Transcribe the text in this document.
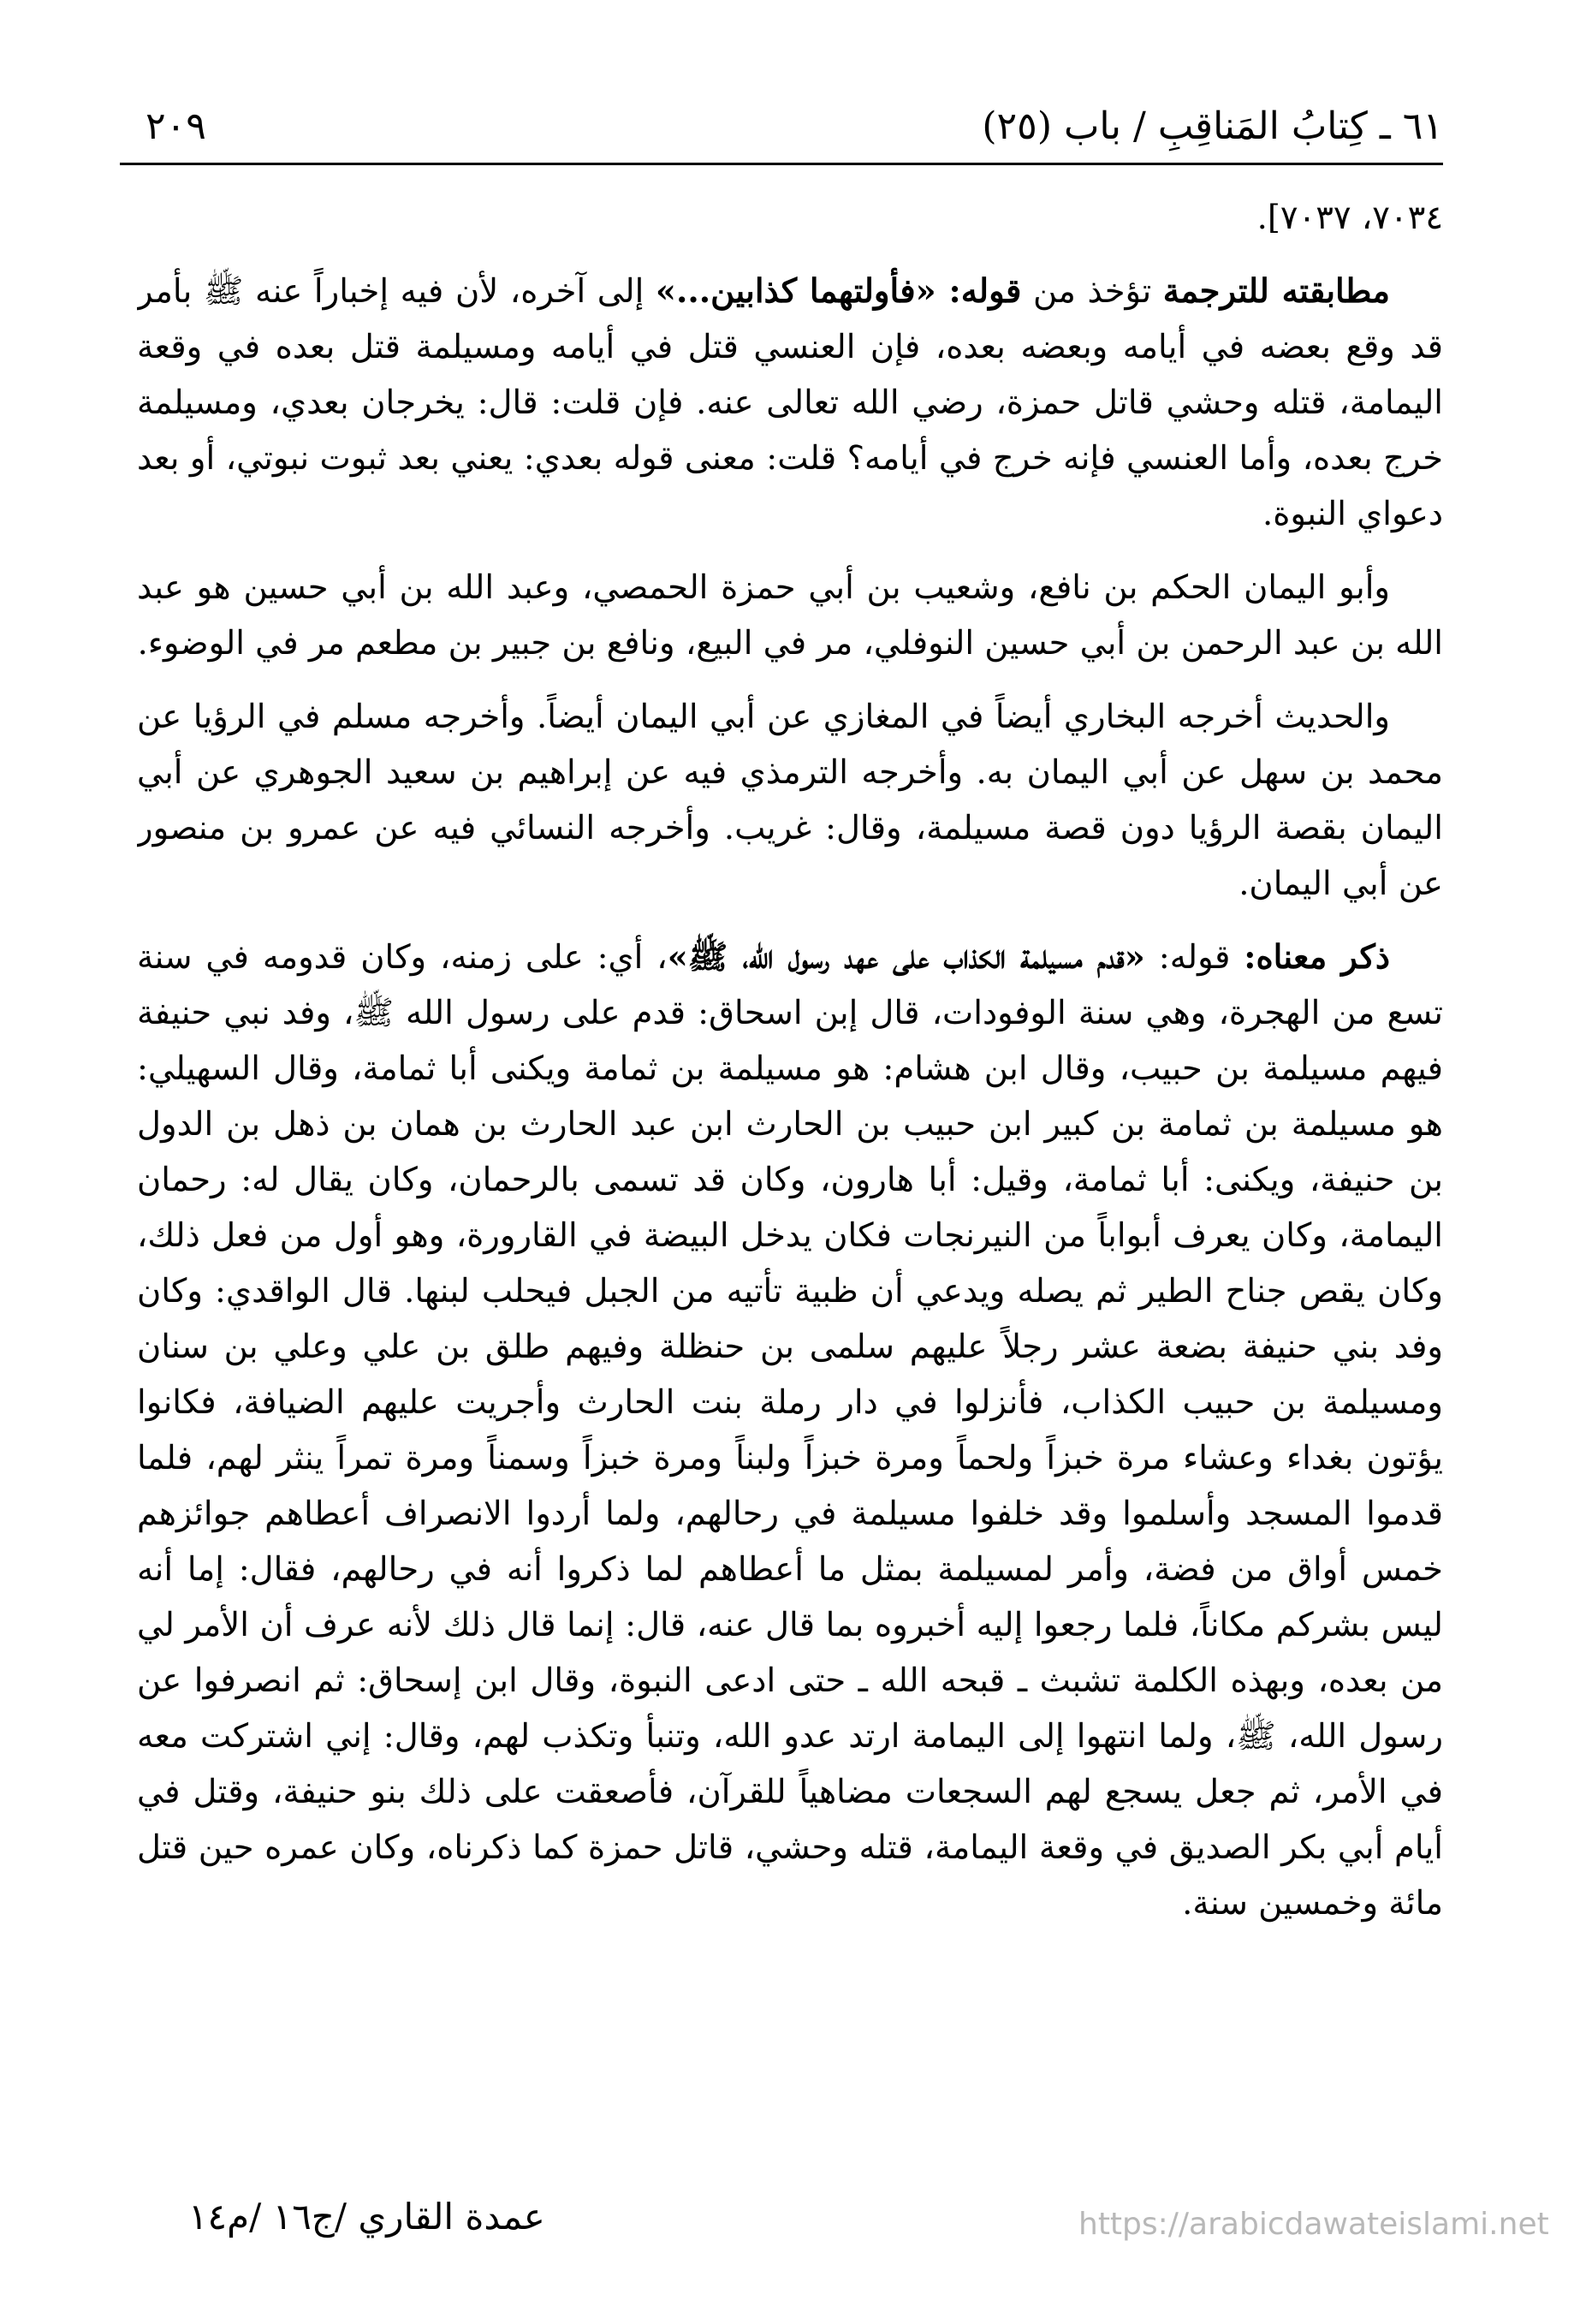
٦١ ـ كِتابُ المَناقِبِ / باب (٢٥)
٢٠٩

٧٠٣٤، ٧٠٣٧].

مطابقته للترجمة تؤخذ من قوله: «فأولتهما كذابين...» إلى آخره، لأن فيه إخباراً عنه ﷺ بأمر قد وقع بعضه في أيامه وبعضه بعده، فإن العنسي قتل في أيامه ومسيلمة قتل بعده في وقعة اليمامة، قتله وحشي قاتل حمزة، رضي الله تعالى عنه. فإن قلت: قال: يخرجان بعدي، ومسيلمة خرج بعده، وأما العنسي فإنه خرج في أيامه؟ قلت: معنى قوله بعدي: يعني بعد ثبوت نبوتي، أو بعد دعواي النبوة.

وأبو اليمان الحكم بن نافع، وشعيب بن أبي حمزة الحمصي، وعبد الله بن أبي حسين هو عبد الله بن عبد الرحمن بن أبي حسين النوفلي، مر في البيع، ونافع بن جبير بن مطعم مر في الوضوء.

والحديث أخرجه البخاري أيضاً في المغازي عن أبي اليمان أيضاً. وأخرجه مسلم في الرؤيا عن محمد بن سهل عن أبي اليمان به. وأخرجه الترمذي فيه عن إبراهيم بن سعيد الجوهري عن أبي اليمان بقصة الرؤيا دون قصة مسيلمة، وقال: غريب. وأخرجه النسائي فيه عن عمرو بن منصور عن أبي اليمان.

ذكر معناه: قوله: «قدم مسيلمة الكذاب على عهد رسول الله، ﷺ»، أي: على زمنه، وكان قدومه في سنة تسع من الهجرة، وهي سنة الوفودات، قال إبن اسحاق: قدم على رسول الله ﷺ، وفد نبي حنيفة فيهم مسيلمة بن حبيب، وقال ابن هشام: هو مسيلمة بن ثمامة ويكنى أبا ثمامة، وقال السهيلي: هو مسيلمة بن ثمامة بن كبير ابن حبيب بن الحارث ابن عبد الحارث بن همان بن ذهل بن الدول بن حنيفة، ويكنى: أبا ثمامة، وقيل: أبا هارون، وكان قد تسمى بالرحمان، وكان يقال له: رحمان اليمامة، وكان يعرف أبواباً من النيرنجات فكان يدخل البيضة في القارورة، وهو أول من فعل ذلك، وكان يقص جناح الطير ثم يصله ويدعي أن ظبية تأتيه من الجبل فيحلب لبنها. قال الواقدي: وكان وفد بني حنيفة بضعة عشر رجلاً عليهم سلمى بن حنظلة وفيهم طلق بن علي وعلي بن سنان ومسيلمة بن حبيب الكذاب، فأنزلوا في دار رملة بنت الحارث وأجريت عليهم الضيافة، فكانوا يؤتون بغداء وعشاء مرة خبزاً ولحماً ومرة خبزاً ولبناً ومرة خبزاً وسمناً ومرة تمراً ينثر لهم، فلما قدموا المسجد وأسلموا وقد خلفوا مسيلمة في رحالهم، ولما أردوا الانصراف أعطاهم جوائزهم خمس أواق من فضة، وأمر لمسيلمة بمثل ما أعطاهم لما ذكروا أنه في رحالهم، فقال: إما أنه ليس بشركم مكاناً، فلما رجعوا إليه أخبروه بما قال عنه، قال: إنما قال ذلك لأنه عرف أن الأمر لي من بعده، وبهذه الكلمة تشبث ـ قبحه الله ـ حتى ادعى النبوة، وقال ابن إسحاق: ثم انصرفوا عن رسول الله، ﷺ، ولما انتهوا إلى اليمامة ارتد عدو الله، وتنبأ وتكذب لهم، وقال: إني اشتركت معه في الأمر، ثم جعل يسجع لهم السجعات مضاهياً للقرآن، فأصعقت على ذلك بنو حنيفة، وقتل في أيام أبي بكر الصديق في وقعة اليمامة، قتله وحشي، قاتل حمزة كما ذكرناه، وكان عمره حين قتل مائة وخمسين سنة.

عمدة القاري /ج١٦ /م١٤	https://arabicdawateislami.net
